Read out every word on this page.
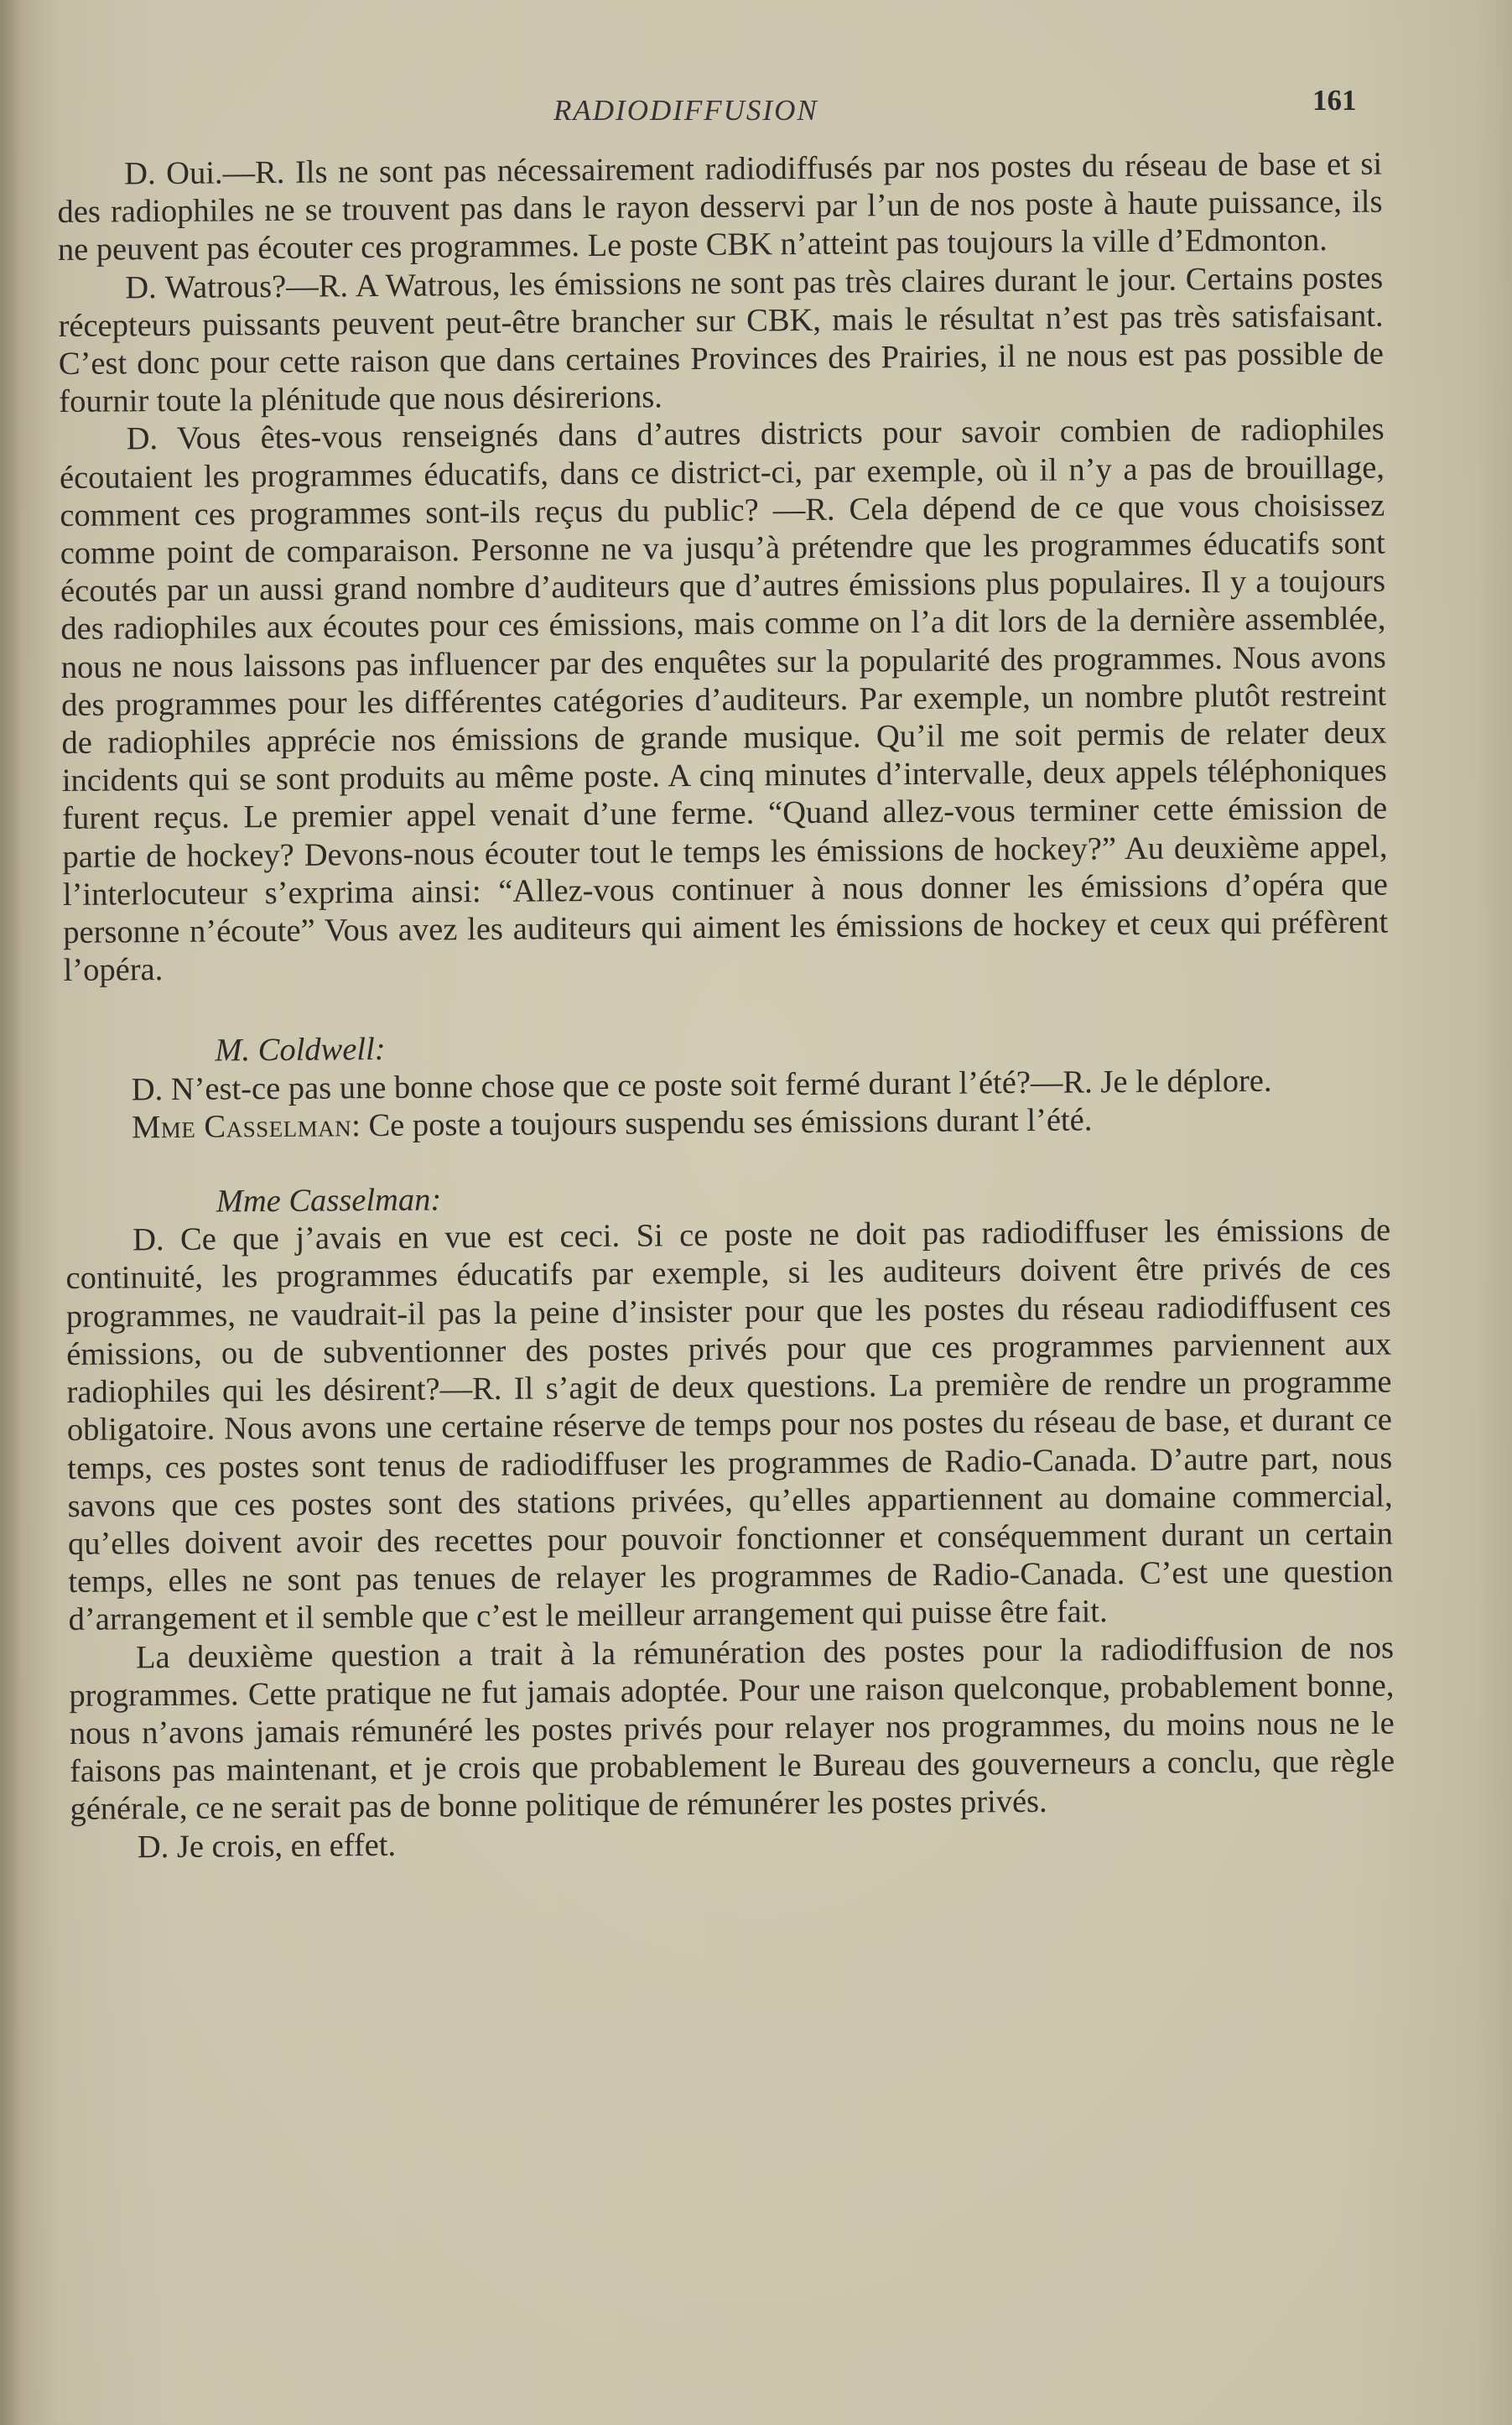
RADIODIFFUSION	161

D. Oui.—R. Ils ne sont pas nécessairement radiodiffusés par nos postes du réseau de base et si des radiophiles ne se trouvent pas dans le rayon desservi par l’un de nos poste à haute puissance, ils ne peuvent pas écouter ces programmes. Le poste CBK n’atteint pas toujours la ville d’Edmonton.

D. Watrous?—R. A Watrous, les émissions ne sont pas très claires durant le jour. Certains postes récepteurs puissants peuvent peut-être brancher sur CBK, mais le résultat n’est pas très satisfaisant. C’est donc pour cette raison que dans certaines Provinces des Prairies, il ne nous est pas possible de fournir toute la plénitude que nous désirerions.

D. Vous êtes-vous renseignés dans d’autres districts pour savoir combien de radiophiles écoutaient les programmes éducatifs, dans ce district-ci, par exemple, où il n’y a pas de brouillage, comment ces programmes sont-ils reçus du public? —R. Cela dépend de ce que vous choisissez comme point de comparaison. Personne ne va jusqu’à prétendre que les programmes éducatifs sont écoutés par un aussi grand nombre d’auditeurs que d’autres émissions plus populaires. Il y a toujours des radiophiles aux écoutes pour ces émissions, mais comme on l’a dit lors de la dernière assemblée, nous ne nous laissons pas influencer par des enquêtes sur la popularité des programmes. Nous avons des programmes pour les différentes catégories d’auditeurs. Par exemple, un nombre plutôt restreint de radiophiles apprécie nos émissions de grande musique. Qu’il me soit permis de relater deux incidents qui se sont produits au même poste. A cinq minutes d’intervalle, deux appels téléphoniques furent reçus. Le premier appel venait d’une ferme. “Quand allez-vous terminer cette émission de partie de hockey? Devons-nous écouter tout le temps les émissions de hockey?” Au deuxième appel, l’interlocuteur s’exprima ainsi: “Allez-vous continuer à nous donner les émissions d’opéra que personne n’écoute” Vous avez les auditeurs qui aiment les émissions de hockey et ceux qui préfèrent l’opéra.

M. Coldwell:

D. N’est-ce pas une bonne chose que ce poste soit fermé durant l’été?—R. Je le déplore.

Mme Casselman: Ce poste a toujours suspendu ses émissions durant l’été.

Mme Casselman:

D. Ce que j’avais en vue est ceci. Si ce poste ne doit pas radiodiffuser les émissions de continuité, les programmes éducatifs par exemple, si les auditeurs doivent être privés de ces programmes, ne vaudrait-il pas la peine d’insister pour que les postes du réseau radiodiffusent ces émissions, ou de subventionner des postes privés pour que ces programmes parviennent aux radiophiles qui les désirent?—R. Il s’agit de deux questions. La première de rendre un programme obligatoire. Nous avons une certaine réserve de temps pour nos postes du réseau de base, et durant ce temps, ces postes sont tenus de radiodiffuser les programmes de Radio-Canada. D’autre part, nous savons que ces postes sont des stations privées, qu’elles appartiennent au domaine commercial, qu’elles doivent avoir des recettes pour pouvoir fonctionner et conséquemment durant un certain temps, elles ne sont pas tenues de relayer les programmes de Radio-Canada. C’est une question d’arrangement et il semble que c’est le meilleur arrangement qui puisse être fait.

La deuxième question a trait à la rémunération des postes pour la radiodiffusion de nos programmes. Cette pratique ne fut jamais adoptée. Pour une raison quelconque, probablement bonne, nous n’avons jamais rémunéré les postes privés pour relayer nos programmes, du moins nous ne le faisons pas maintenant, et je crois que probablement le Bureau des gouverneurs a conclu, que règle générale, ce ne serait pas de bonne politique de rémunérer les postes privés.

D. Je crois, en effet.
